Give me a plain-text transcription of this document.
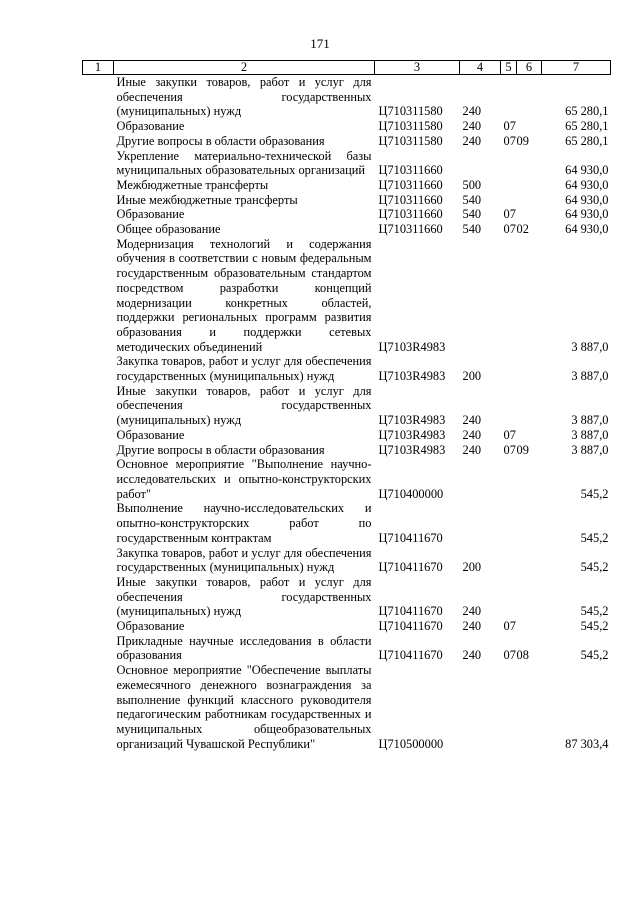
171
1	2	3	4	5	6	7
	Иные закупки товаров, работ и услуг для обеспечения государственных (муниципальных) нужд	Ц710311580	240			65 280,1
	Образование	Ц710311580	240	07		65 280,1
	Другие вопросы в области образования	Ц710311580	240	07	09	65 280,1
	Укрепление материально-технической базы муниципальных образовательных организаций	Ц710311660				64 930,0
	Межбюджетные трансферты	Ц710311660	500			64 930,0
	Иные межбюджетные трансферты	Ц710311660	540			64 930,0
	Образование	Ц710311660	540	07		64 930,0
	Общее образование	Ц710311660	540	07	02	64 930,0
	Модернизация технологий и содержания обучения в соответствии с новым федеральным государственным образовательным стандартом посредством разработки концепций модернизации конкретных областей, поддержки региональных программ развития образования и поддержки сетевых методических объединений	Ц7103R4983				3 887,0
	Закупка товаров, работ и услуг для обеспечения государственных (муниципальных) нужд	Ц7103R4983	200			3 887,0
	Иные закупки товаров, работ и услуг для обеспечения государственных (муниципальных) нужд	Ц7103R4983	240			3 887,0
	Образование	Ц7103R4983	240	07		3 887,0
	Другие вопросы в области образования	Ц7103R4983	240	07	09	3 887,0
	Основное мероприятие "Выполнение научно-исследовательских и опытно-конструкторских работ"	Ц710400000				545,2
	Выполнение научно-исследовательских и опытно-конструкторских работ по государственным контрактам	Ц710411670				545,2
	Закупка товаров, работ и услуг для обеспечения государственных (муниципальных) нужд	Ц710411670	200			545,2
	Иные закупки товаров, работ и услуг для обеспечения государственных (муниципальных) нужд	Ц710411670	240			545,2
	Образование	Ц710411670	240	07		545,2
	Прикладные научные исследования в области образования	Ц710411670	240	07	08	545,2
	Основное мероприятие "Обеспечение выплаты ежемесячного денежного вознаграждения за выполнение функций классного руководителя педагогическим работникам государственных и муниципальных общеобразовательных организаций Чувашской Республики"	Ц710500000				87 303,4
